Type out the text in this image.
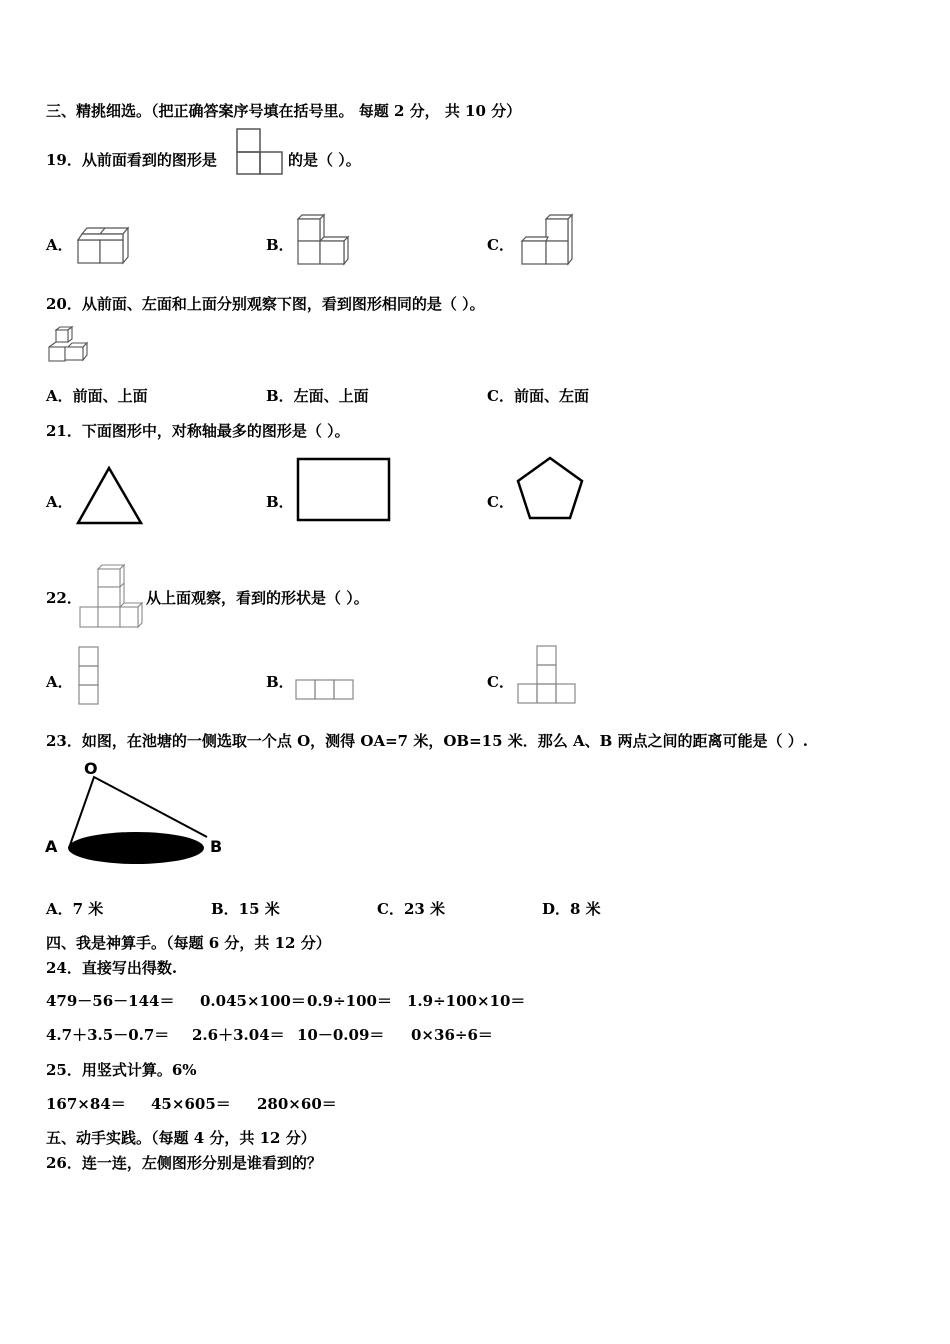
三、精挑细选。（把正确答案序号填在括号里。 每题 2 分， 共 10 分）
19．从前面看到的图形是	的是（ ）。
A．	B．	C．
20．从前面、左面和上面分别观察下图，看到图形相同的是（ ）。
A．前面、上面	B．左面、上面	C．前面、左面
21．下面图形中，对称轴最多的图形是（ ）。
A．	B．	C．
22．	从上面观察，看到的形状是（ ）。
A．	B．	C．
23．如图，在池塘的一侧选取一个点 O，测得 OA=7 米，OB=15 米．那么 A、B 两点之间的距离可能是（ ）.
O
A	B
A．7 米	B．15 米	C．23 米	D．8 米
四、我是神算手。（每题 6 分，共 12 分）
24．直接写出得数.
479－56－144＝ 0.045×100＝ 0.9÷100＝ 1.9÷100×10＝
4.7＋3.5－0.7＝ 2.6＋3.04＝ 10－0.09＝ 0×36÷6＝
25．用竖式计算。6%
167×84＝ 45×605＝ 280×60＝
五、动手实践。（每题 4 分，共 12 分）
26．连一连，左侧图形分别是谁看到的？
